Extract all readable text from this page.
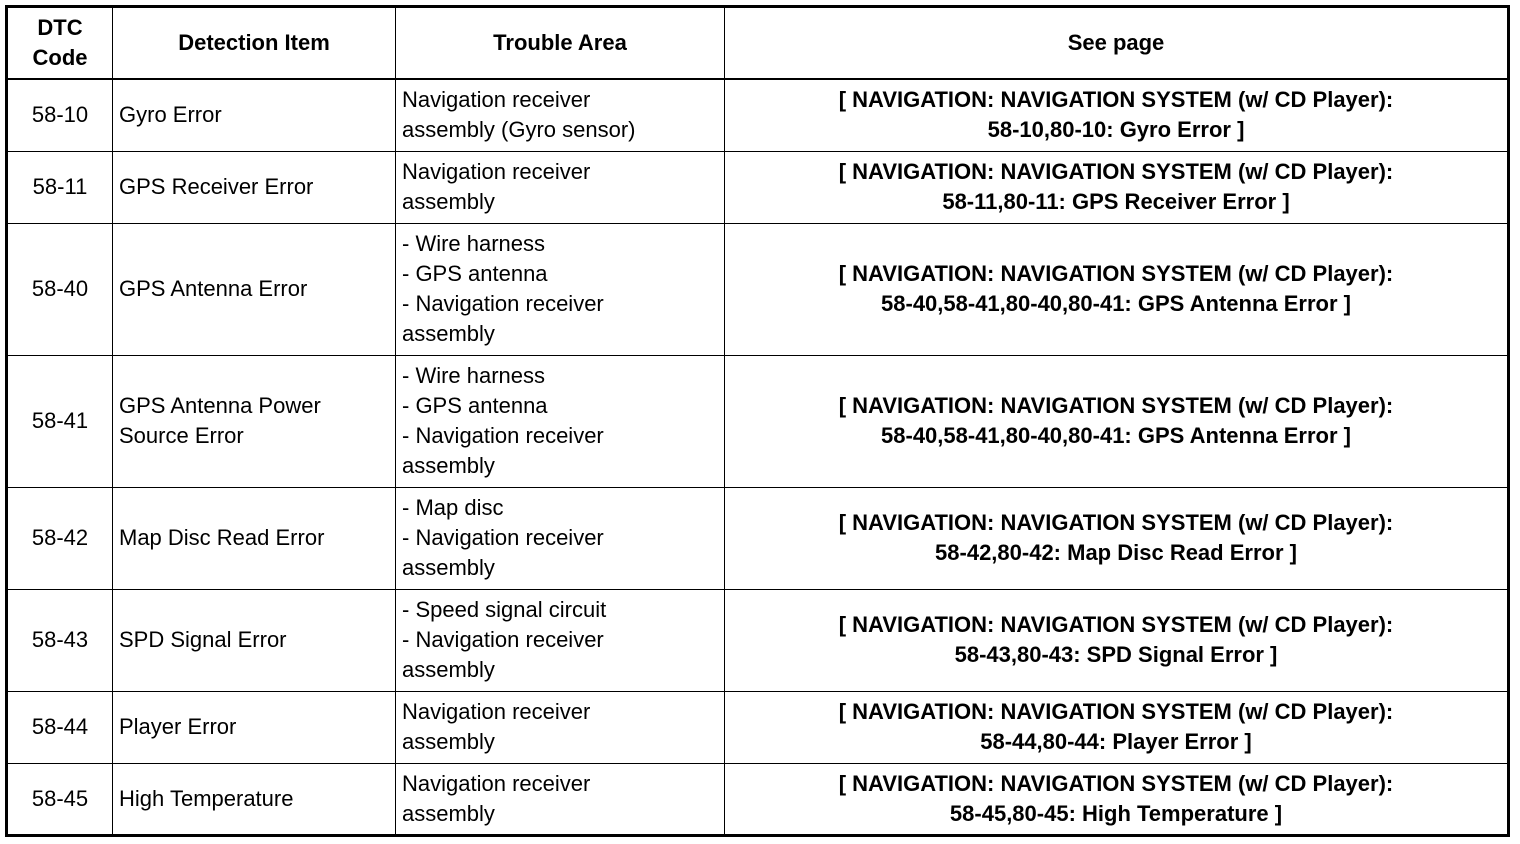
DTC
Code	Detection Item	Trouble Area	See page
58-10	Gyro Error	Navigation receiver
assembly (Gyro sensor)	[ NAVIGATION: NAVIGATION SYSTEM (w/ CD Player):
58-10,80-10: Gyro Error ]

58-11	GPS Receiver Error	Navigation receiver
assembly	[ NAVIGATION: NAVIGATION SYSTEM (w/ CD Player):
58-11,80-11: GPS Receiver Error ]

58-40	GPS Antenna Error	- Wire harness
- GPS antenna
- Navigation receiver
assembly	[ NAVIGATION: NAVIGATION SYSTEM (w/ CD Player):
58-40,58-41,80-40,80-41: GPS Antenna Error ]

58-41	GPS Antenna Power
Source Error	- Wire harness
- GPS antenna
- Navigation receiver
assembly	[ NAVIGATION: NAVIGATION SYSTEM (w/ CD Player):
58-40,58-41,80-40,80-41: GPS Antenna Error ]

58-42	Map Disc Read Error	- Map disc
- Navigation receiver
assembly	[ NAVIGATION: NAVIGATION SYSTEM (w/ CD Player):
58-42,80-42: Map Disc Read Error ]

58-43	SPD Signal Error	- Speed signal circuit
- Navigation receiver
assembly	[ NAVIGATION: NAVIGATION SYSTEM (w/ CD Player):
58-43,80-43: SPD Signal Error ]

58-44	Player Error	Navigation receiver
assembly	[ NAVIGATION: NAVIGATION SYSTEM (w/ CD Player):
58-44,80-44: Player Error ]

58-45	High Temperature	Navigation receiver
assembly	[ NAVIGATION: NAVIGATION SYSTEM (w/ CD Player):
58-45,80-45: High Temperature ]
